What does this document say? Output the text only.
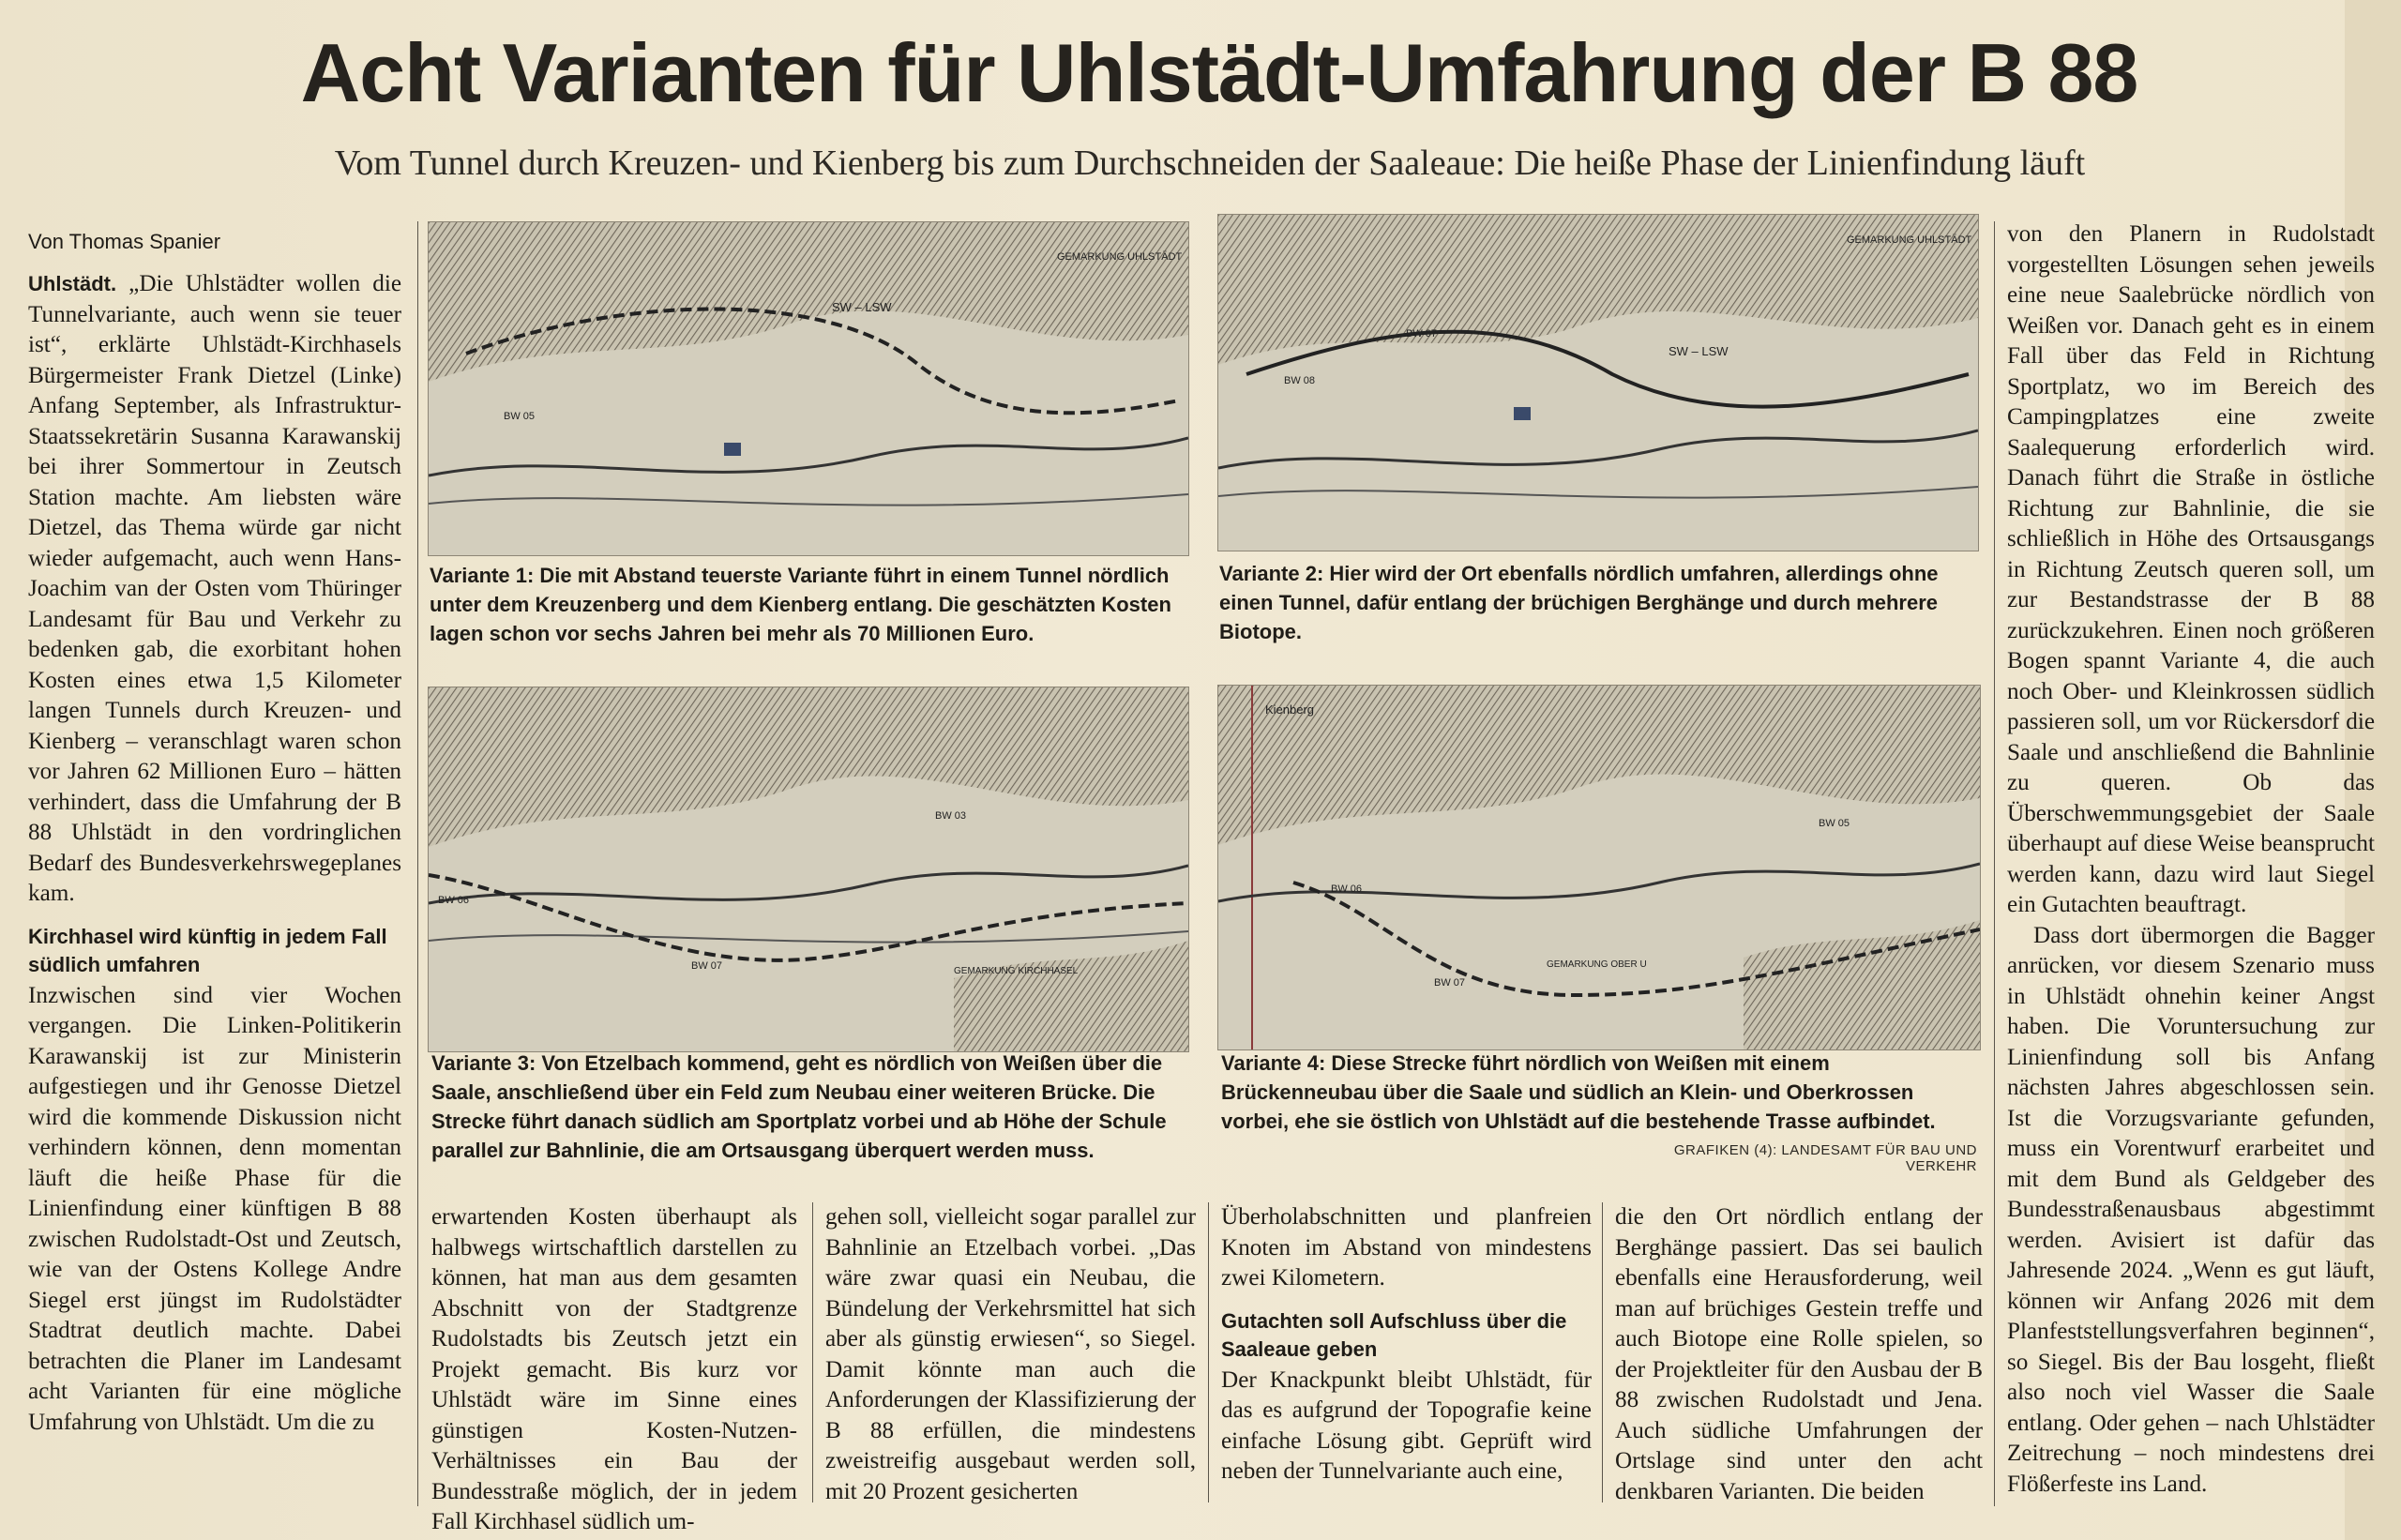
Acht Varianten für Uhlstädt-Umfahrung der B 88
Vom Tunnel durch Kreuzen- und Kienberg bis zum Durchschneiden der Saaleaue: Die heiße Phase der Linienfindung läuft

Von Thomas Spanier

Uhlstädt. „Die Uhlstädter wollen die Tunnelvariante, auch wenn sie teuer ist“, erklärte Uhlstädt-Kirchhasels Bürgermeister Frank Dietzel (Linke) Anfang September, als Infrastruktur-Staatssekretärin Susanna Karawanskij bei ihrer Sommertour in Zeutsch Station machte. Am liebsten wäre Dietzel, das Thema würde gar nicht wieder aufgemacht, auch wenn Hans-Joachim van der Osten vom Thüringer Landesamt für Bau und Verkehr zu bedenken gab, die exorbitant hohen Kosten eines etwa 1,5 Kilometer langen Tunnels durch Kreuzen- und Kienberg – veranschlagt waren schon vor Jahren 62 Millionen Euro – hätten verhindert, dass die Umfahrung der B 88 Uhlstädt in den vordringlichen Bedarf des Bundesverkehrswegeplanes kam.

Kirchhasel wird künftig in jedem Fall südlich umfahren

Inzwischen sind vier Wochen vergangen. Die Linken-Politikerin Karawanskij ist zur Ministerin aufgestiegen und ihr Genosse Dietzel wird die kommende Diskussion nicht verhindern können, denn momentan läuft die heiße Phase für die Linienfindung einer künftigen B 88 zwischen Rudolstadt-Ost und Zeutsch, wie van der Ostens Kollege Andre Siegel erst jüngst im Rudolstädter Stadtrat deutlich machte. Dabei betrachten die Planer im Landesamt acht Varianten für eine mögliche Umfahrung von Uhlstädt. Um die zu

SW – LSW
GEMARKUNG UHLSTÄDT
BW 05

Variante 1: Die mit Abstand teuerste Variante führt in einem Tunnel nördlich unter dem Kreuzenberg und dem Kienberg entlang. Die geschätzten Kosten lagen schon vor sechs Jahren bei mehr als 70 Millionen Euro.

SW – LSW
GEMARKUNG UHLSTÄDT
BW 07
BW 08

Variante 2: Hier wird der Ort ebenfalls nördlich umfahren, allerdings ohne einen Tunnel, dafür entlang der brüchigen Berghänge und durch mehrere Biotope.

BW 03
BW 06
BW 07	GEMARKUNG KIRCHHASEL

Variante 3: Von Etzelbach kommend, geht es nördlich von Weißen über die Saale, anschließend über ein Feld zum Neubau einer weiteren Brücke. Die Strecke führt danach südlich am Sportplatz vorbei und ab Höhe der Schule parallel zur Bahnlinie, die am Ortsausgang überquert werden muss.

Kienberg
BW 06
BW 05
BW 07
GEMARKUNG OBER U

Variante 4: Diese Strecke führt nördlich von Weißen mit einem Brückenneubau über die Saale und südlich an Klein- und Oberkrossen vorbei, ehe sie östlich von Uhlstädt auf die bestehende Trasse aufbindet.

GRAFIKEN (4): LANDESAMT FÜR BAU UND VERKEHR

erwartenden Kosten überhaupt als halbwegs wirtschaftlich darstellen zu können, hat man aus dem gesamten Abschnitt von der Stadtgrenze Rudolstadts bis Zeutsch jetzt ein Projekt gemacht. Bis kurz vor Uhlstädt wäre im Sinne eines günstigen Kosten-Nutzen-Verhältnisses ein Bau der Bundesstraße möglich, der in jedem Fall Kirchhasel südlich um-

gehen soll, vielleicht sogar parallel zur Bahnlinie an Etzelbach vorbei. „Das wäre zwar quasi ein Neubau, die Bündelung der Verkehrsmittel hat sich aber als günstig erwiesen“, so Siegel. Damit könnte man auch die Anforderungen der Klassifizierung der B 88 erfüllen, die mindestens zweistreifig ausgebaut werden soll, mit 20 Prozent gesicherten

Überholabschnitten und planfreien Knoten im Abstand von mindestens zwei Kilometern.

Gutachten soll Aufschluss über die Saaleaue geben

Der Knackpunkt bleibt Uhlstädt, für das es aufgrund der Topografie keine einfache Lösung gibt. Geprüft wird neben der Tunnelvariante auch eine,

die den Ort nördlich entlang der Berghänge passiert. Das sei baulich ebenfalls eine Herausforderung, weil man auf brüchiges Gestein treffe und auch Biotope eine Rolle spielen, so der Projektleiter für den Ausbau der B 88 zwischen Rudolstadt und Jena. Auch südliche Umfahrungen der Ortslage sind unter den acht denkbaren Varianten. Die beiden

von den Planern in Rudolstadt vorgestellten Lösungen sehen jeweils eine neue Saalebrücke nördlich von Weißen vor. Danach geht es in einem Fall über das Feld in Richtung Sportplatz, wo im Bereich des Campingplatzes eine zweite Saalequerung erforderlich wird. Danach führt die Straße in östliche Richtung zur Bahnlinie, die sie schließlich in Höhe des Ortsausgangs in Richtung Zeutsch queren soll, um zur Bestandstrasse der B 88 zurückzukehren. Einen noch größeren Bogen spannt Variante 4, die auch noch Ober- und Kleinkrossen südlich passieren soll, um vor Rückersdorf die Saale und anschließend die Bahnlinie zu queren. Ob das Überschwemmungsgebiet der Saale überhaupt auf diese Weise beansprucht werden kann, dazu wird laut Siegel ein Gutachten beauftragt.

Dass dort übermorgen die Bagger anrücken, vor diesem Szenario muss in Uhlstädt ohnehin keiner Angst haben. Die Voruntersuchung zur Linienfindung soll bis Anfang nächsten Jahres abgeschlossen sein. Ist die Vorzugsvariante gefunden, muss ein Vorentwurf erarbeitet und mit dem Bund als Geldgeber des Bundesstraßenausbaus abgestimmt werden. Avisiert ist dafür das Jahresende 2024. „Wenn es gut läuft, können wir Anfang 2026 mit dem Planfeststellungsverfahren beginnen“, so Siegel. Bis der Bau losgeht, fließt also noch viel Wasser die Saale entlang. Oder gehen – nach Uhlstädter Zeitrechung – noch mindestens drei Flößerfeste ins Land.
